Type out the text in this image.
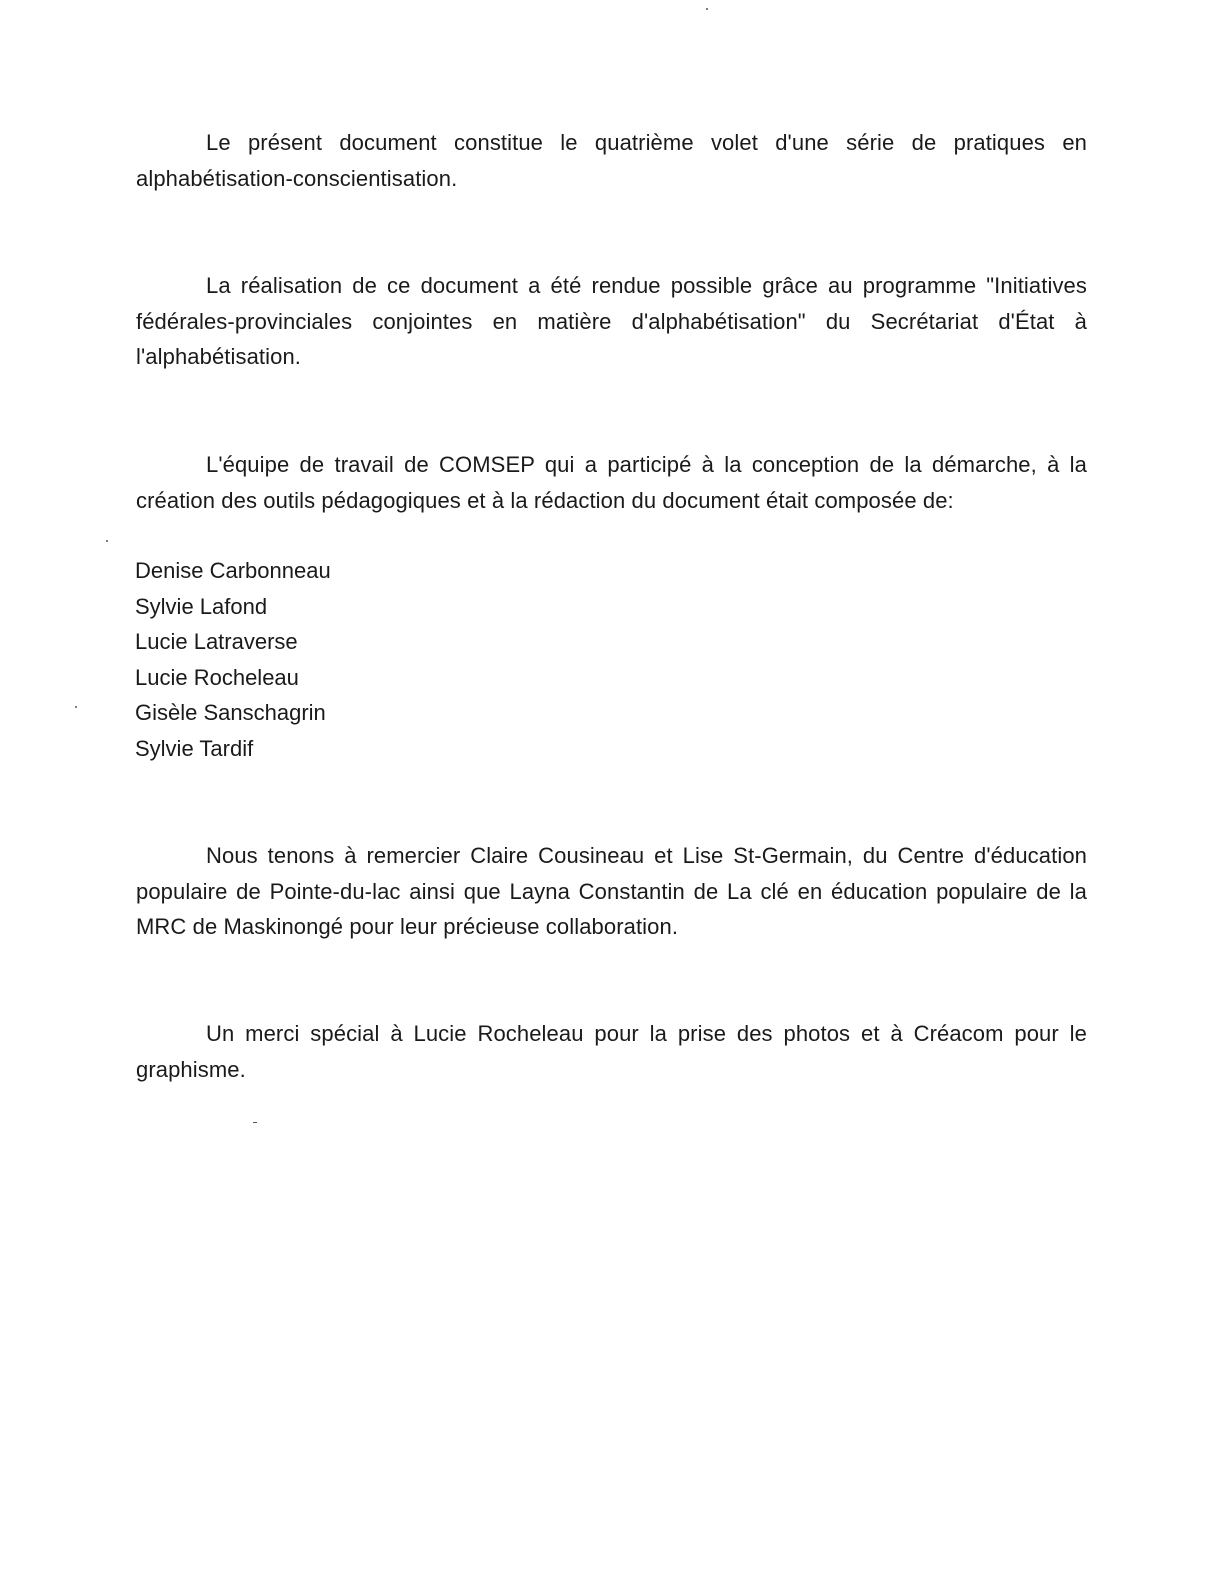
Le présent document constitue le quatrième volet d'une série de pratiques en alphabétisation-conscientisation.

La réalisation de ce document a été rendue possible grâce au programme "Initiatives fédérales-provinciales conjointes en matière d'alphabétisation" du Secrétariat d'État à l'alphabétisation.

L'équipe de travail de COMSEP qui a participé à la conception de la démarche, à la création des outils pédagogiques et à la rédaction du document était composée de:

Denise Carbonneau
Sylvie Lafond
Lucie Latraverse
Lucie Rocheleau
Gisèle Sanschagrin
Sylvie Tardif

Nous tenons à remercier Claire Cousineau et Lise St-Germain, du Centre d'éducation populaire de Pointe-du-lac ainsi que Layna Constantin de La clé en éducation populaire de la MRC de Maskinongé pour leur précieuse collaboration.

Un merci spécial à Lucie Rocheleau pour la prise des photos et à Créacom pour le graphisme.
